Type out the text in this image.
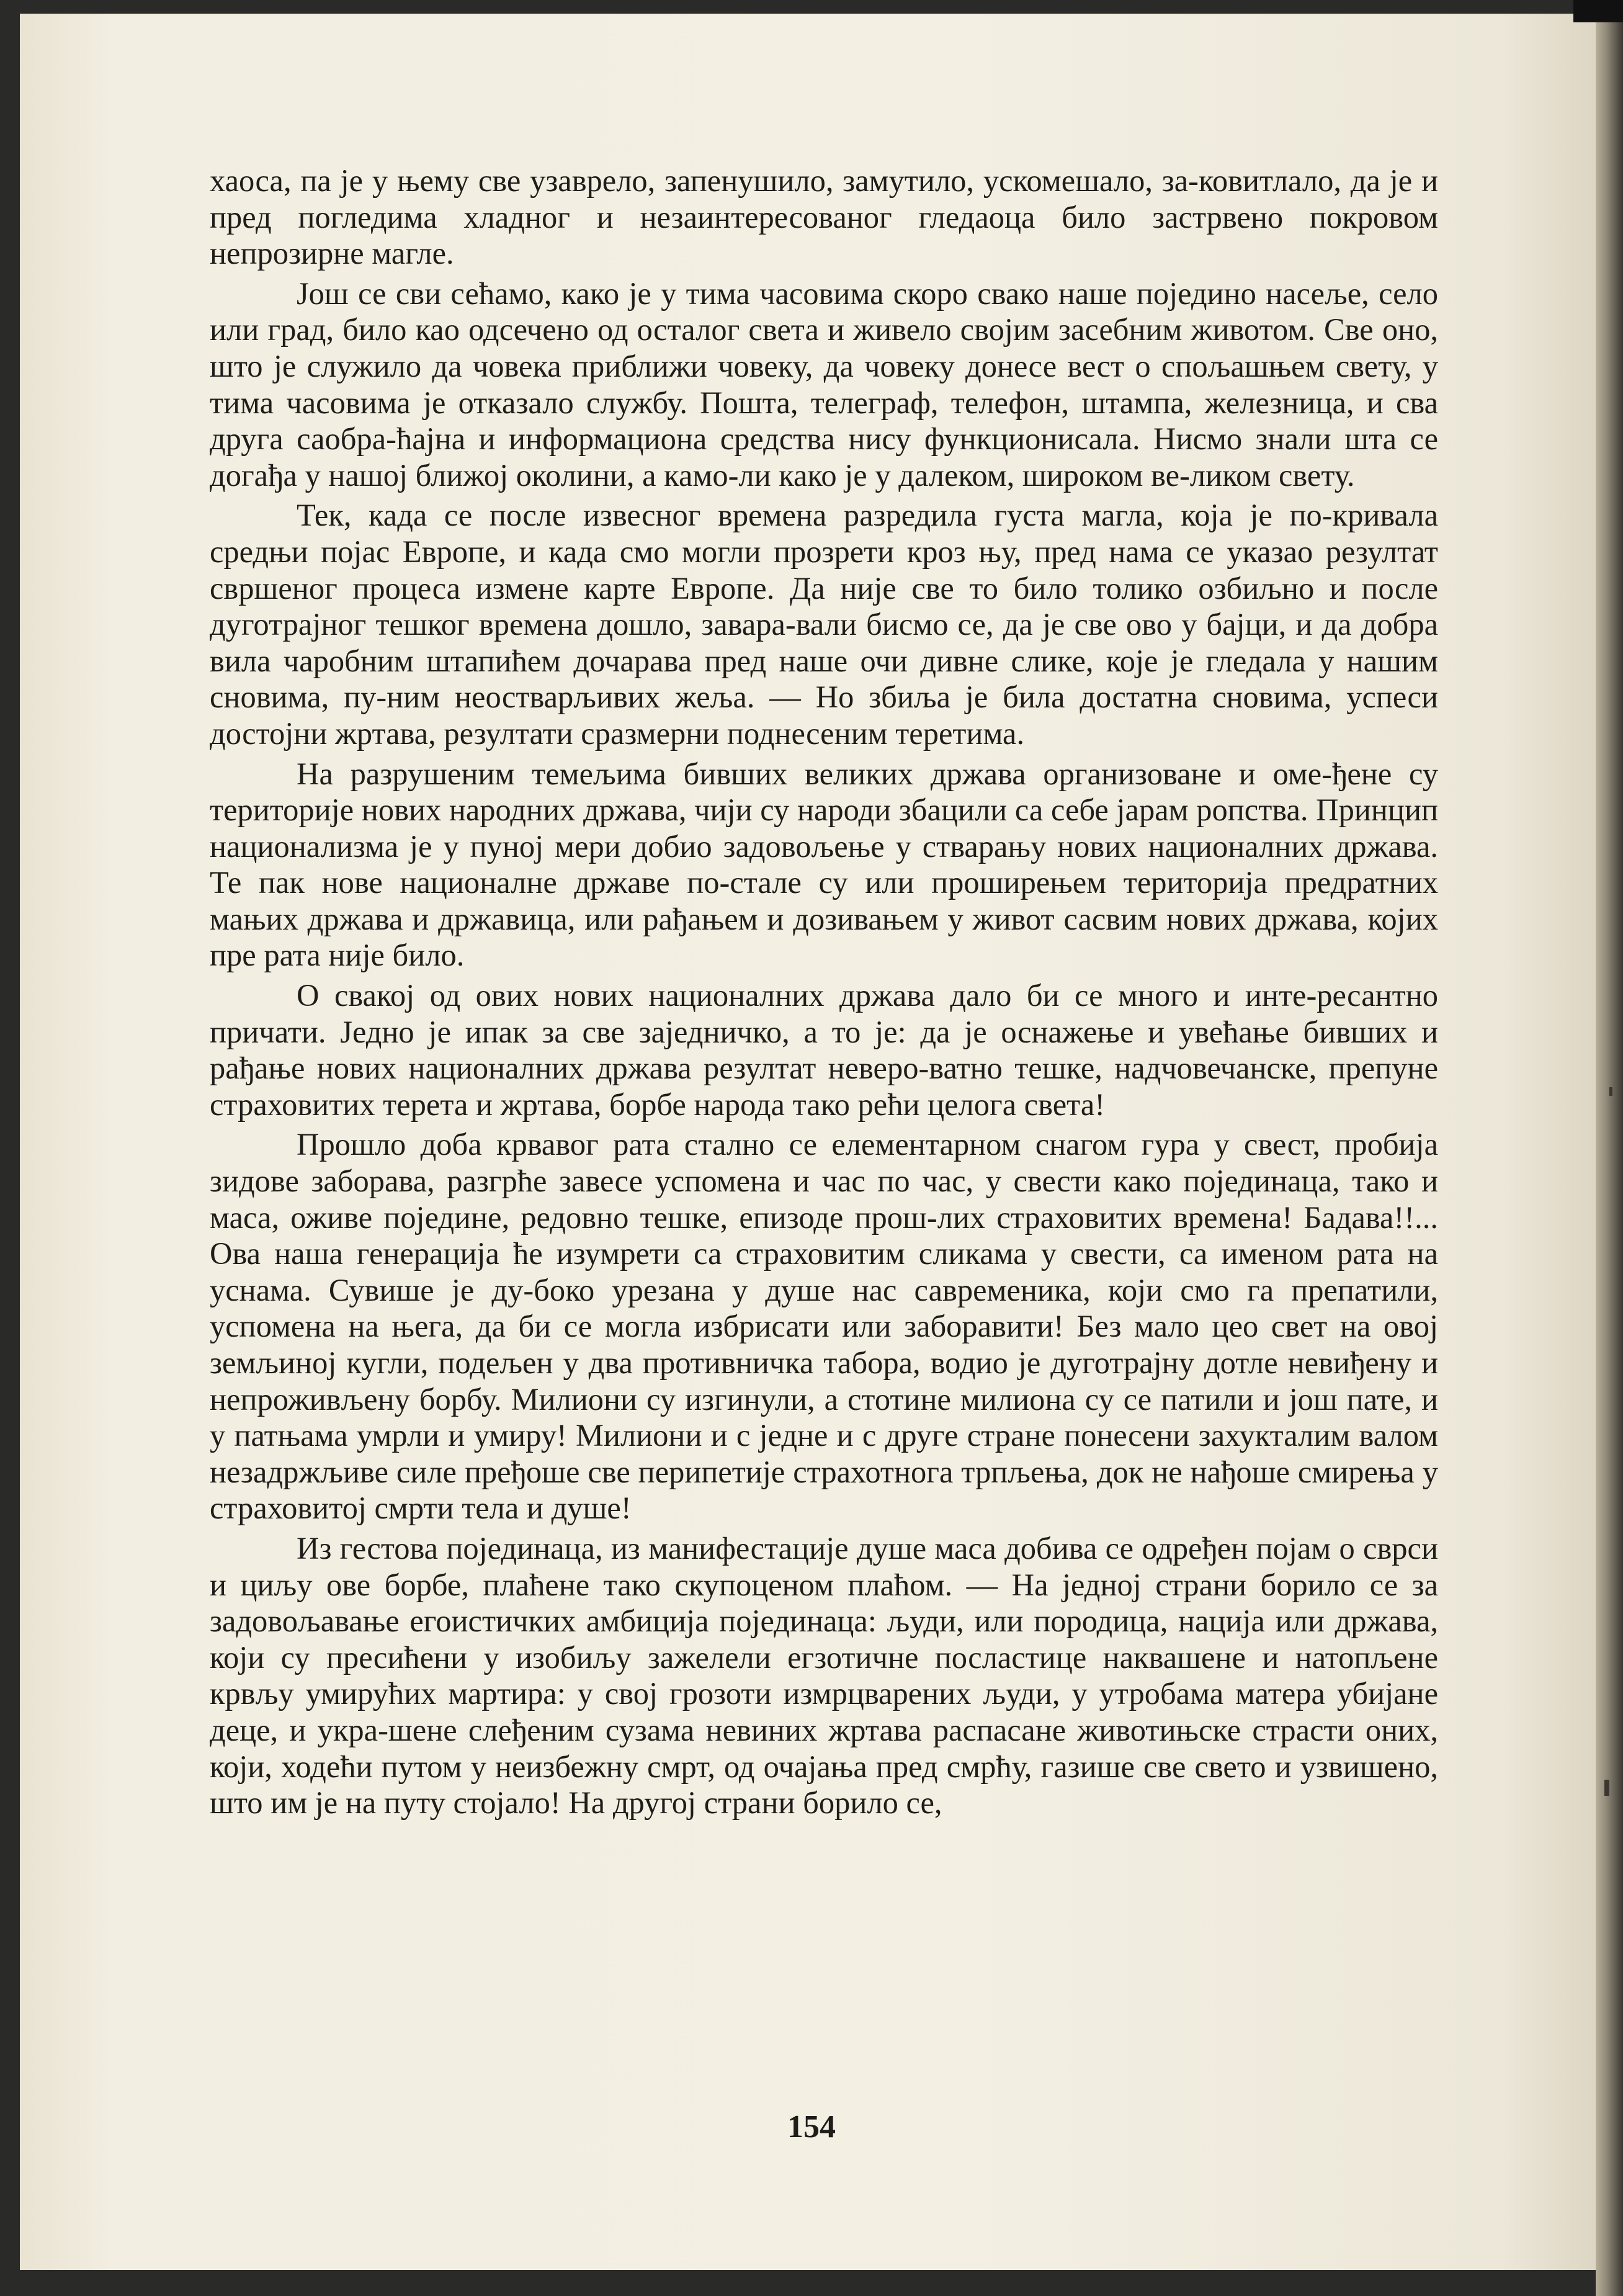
хаоса, па је у њему све узаврело, запенушило, замутило, ускомешало, за-ковитлало, да је и пред погледима хладног и незаинтересованог гледаоца било застрвено покровом непрозирне магле.

Још се сви сећамо, како је у тима часовима скоро свако наше поједино насеље, село или град, било као одсечено од осталог света и живело својим засебним животом. Све оно, што је служило да човека приближи човеку, да човеку донесе вест о спољашњем свету, у тима часовима је отказало службу. Пошта, телеграф, телефон, штампа, железница, и сва друга саобра-ћајна и информациона средства нису функционисала. Нисмо знали шта се догађа у нашој ближој околини, а камо-ли како је у далеком, широком ве-ликом свету.

Тек, када се после извесног времена разредила густа магла, која је по-кривала средњи појас Европе, и када смо могли прозрети кроз њу, пред нама се указао резултат свршеног процеса измене карте Европе. Да није све то било толико озбиљно и после дуготрајног тешког времена дошло, завара-вали бисмо се, да је све ово у бајци, и да добра вила чаробним штапићем дочарава пред наше очи дивне слике, које је гледала у нашим сновима, пу-ним неостварљивих жеља. — Но збиља је била достатна сновима, успеси достојни жртава, резултати сразмерни поднесеним теретима.

На разрушеним темељима бивших великих држава организоване и оме-ђене су територије нових народних држава, чији су народи збацили са себе јарам ропства. Принцип национализма је у пуној мери добио задовољење у стварању нових националних држава. Те пак нове националне државе по-стале су или проширењем територија предратних мањих држава и државица, или рађањем и дозивањем у живот сасвим нових држава, којих пре рата није било.

О свакој од ових нових националних држава дало би се много и инте-ресантно причати. Једно је ипак за све заједничко, а то је: да је оснажење и увећање бивших и рађање нових националних држава резултат неверо-ватно тешке, надчовечанске, препуне страховитих терета и жртава, борбе народа тако рећи целога света!

Прошло доба крвавог рата стално се елементарном снагом гура у свест, пробија зидове заборава, разгрће завесе успомена и час по час, у свести како појединаца, тако и маса, оживе поједине, редовно тешке, епизоде прош-лих страховитих времена! Бадава!!... Ова наша генерација ће изумрети са страховитим сликама у свести, са именом рата на уснама. Сувише је ду-боко урезана у душе нас савременика, који смо га препатили, успомена на њега, да би се могла избрисати или заборавити! Без мало цео свет на овој земљиној кугли, подељен у два противничка табора, водио је дуготрајну дотле невиђену и непроживљену борбу. Милиони су изгинули, а стотине милиона су се патили и још пате, и у патњама умрли и умиру! Милиони и с једне и с друге стране понесени захукталим валом незадржљиве силе пређоше све перипетије страхотнога трпљења, док не нађоше смирења у страховитој смрти тела и душе!

Из гестова појединаца, из манифестације душе маса добива се одређен појам о сврси и циљу ове борбе, плаћене тако скупоценом плаћом. — На једној страни борило се за задовољавање егоистичких амбиција појединаца: људи, или породица, нација или држава, који су пресићени у изобиљу зажелели егзотичне посластице наквашене и натопљене крвљу умирућих мартира: у свој грозоти измрцварених људи, у утробама матера убијане деце, и укра-шене слеђеним сузама невиних жртава распасане животињске страсти оних, који, ходећи путом у неизбежну смрт, од очајања пред смрћу, газише све свето и узвишено, што им је на путу стојало! На другој страни борило се,

154
